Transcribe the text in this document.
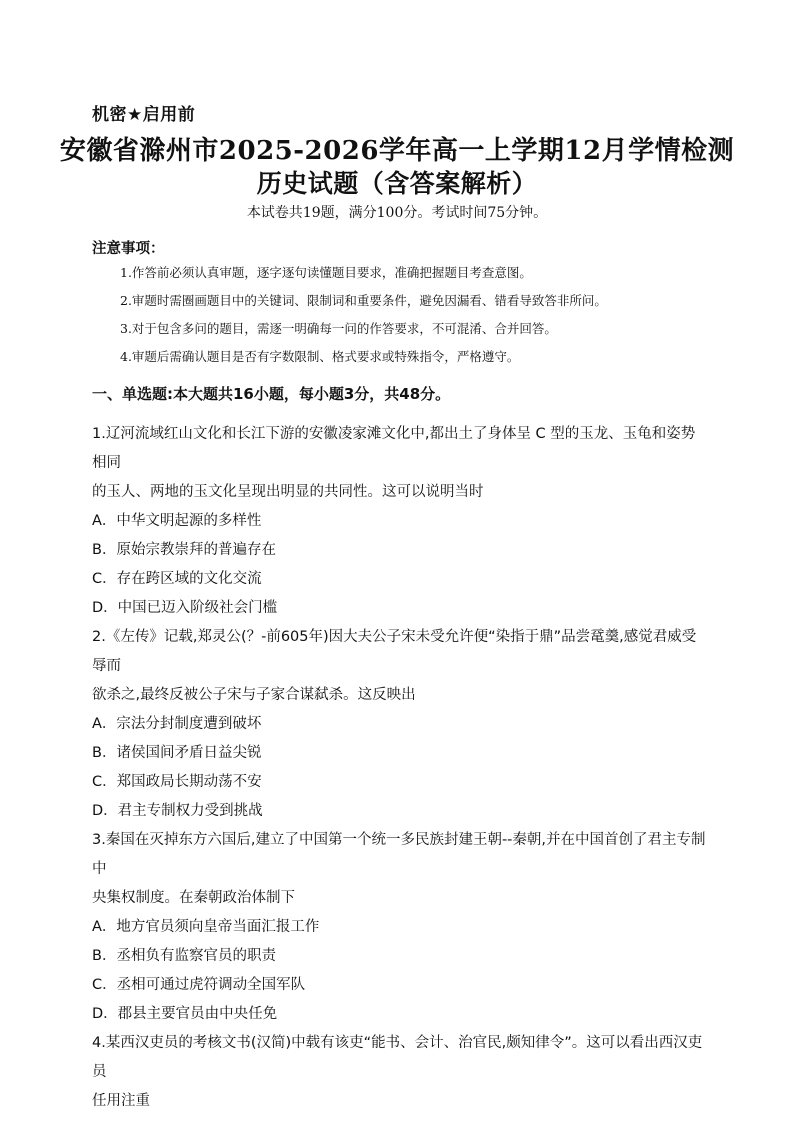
机密★启用前
安徽省滁州市2025-2026学年高一上学期12月学情检测
历史试题（含答案解析）
本试卷共19题，满分100分。考试时间75分钟。
注意事项：
1.作答前必须认真审题，逐字逐句读懂题目要求，准确把握题目考查意图。
2.审题时需圈画题目中的关键词、限制词和重要条件，避免因漏看、错看导致答非所问。
3.对于包含多问的题目，需逐一明确每一问的作答要求，不可混淆、合并回答。
4.审题后需确认题目是否有字数限制、格式要求或特殊指令，严格遵守。
一、单选题:本大题共16小题，每小题3分，共48分。

1.辽河流域红山文化和长江下游的安徽凌家滩文化中,都出土了身体呈 C 型的玉龙、玉龟和姿势相同

的玉人、两地的玉文化呈现出明显的共同性。这可以说明当时

A．中华文明起源的多样性

B．原始宗教崇拜的普遍存在

C．存在跨区域的文化交流

D．中国已迈入阶级社会门槛

2.《左传》记载,郑灵公(？-前605年)因大夫公子宋未受允许便“染指于鼎”品尝鼋羹,感觉君威受辱而

欲杀之,最终反被公子宋与子家合谋弑杀。这反映出

A．宗法分封制度遭到破坏

B．诸侯国间矛盾日益尖锐

C．郑国政局长期动荡不安

D．君主专制权力受到挑战

3.秦国在灭掉东方六国后,建立了中国第一个统一多民族封建王朝--秦朝,并在中国首创了君主专制中

央集权制度。在秦朝政治体制下

A．地方官员须向皇帝当面汇报工作

B．丞相负有监察官员的职责

C．丞相可通过虎符调动全国军队

D．郡县主要官员由中央任免

4.某西汉吏员的考核文书(汉简)中载有该吏“能书、会计、治官民,颇知律令”。这可以看出西汉吏员

任用注重
